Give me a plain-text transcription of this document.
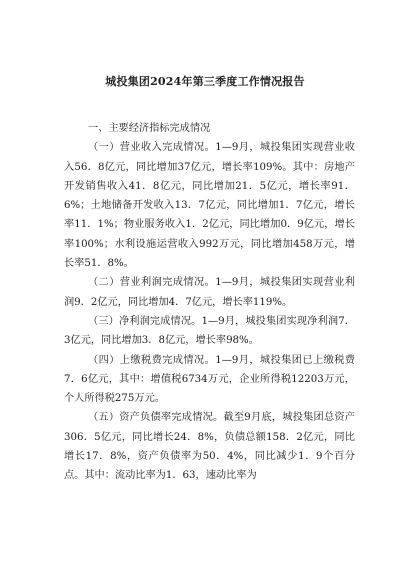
城投集团2024年第三季度工作情况报告

一、主要经济指标完成情况

（一）营业收入完成情况。1—9月，城投集团实现营业收入56．8亿元，同比增加37亿元，增长率109%。其中：房地产开发销售收入41．8亿元，同比增加21．5亿元，增长率91．6%；土地储备开发收入13．7亿元，同比增加1．7亿元，增长率11．1%；物业服务收入1．2亿元，同比增加0．9亿元，增长率100%；水利设施运营收入992万元，同比增加458万元，增长率51．8%。

（二）营业利润完成情况。1—9月，城投集团实现营业利润9．2亿元，同比增加4．7亿元，增长率119%。

（三）净利润完成情况。1—9月，城投集团实现净利润7．3亿元，同比增加3．8亿元，增长率98%。

（四）上缴税费完成情况。1—9月，城投集团已上缴税费7．6亿元，其中：增值税6734万元，企业所得税12203万元，个人所得税275万元。

（五）资产负债率完成情况。截至9月底，城投集团总资产306．5亿元，同比增长24．8%，负债总额158．2亿元，同比增长17．8%，资产负债率为50．4%，同比减少1．9个百分点。其中：流动比率为1．63，速动比率为
